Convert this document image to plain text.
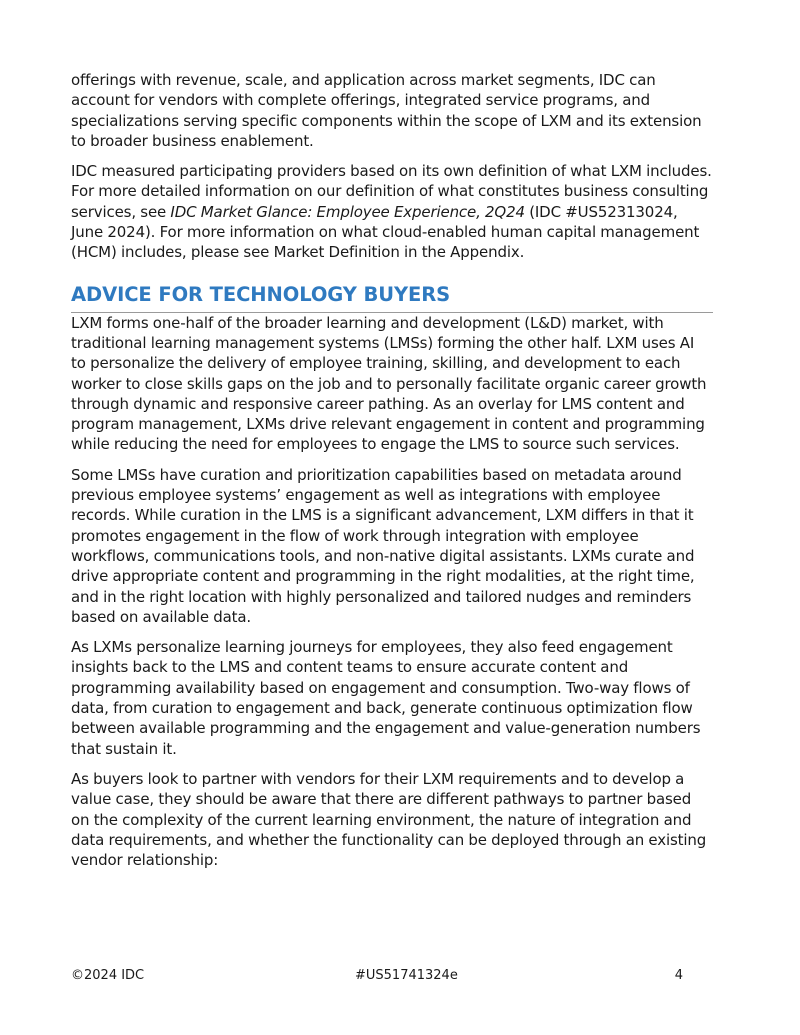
offerings with revenue, scale, and application across market segments, IDC can account for vendors with complete offerings, integrated service programs, and specializations serving specific components within the scope of LXM and its extension to broader business enablement.

IDC measured participating providers based on its own definition of what LXM includes. For more detailed information on our definition of what constitutes business consulting services, see IDC Market Glance: Employee Experience, 2Q24 (IDC #US52313024, June 2024). For more information on what cloud-enabled human capital management (HCM) includes, please see Market Definition in the Appendix.

ADVICE FOR TECHNOLOGY BUYERS

LXM forms one-half of the broader learning and development (L&D) market, with traditional learning management systems (LMSs) forming the other half. LXM uses AI to personalize the delivery of employee training, skilling, and development to each worker to close skills gaps on the job and to personally facilitate organic career growth through dynamic and responsive career pathing. As an overlay for LMS content and program management, LXMs drive relevant engagement in content and programming while reducing the need for employees to engage the LMS to source such services.

Some LMSs have curation and prioritization capabilities based on metadata around previous employee systems’ engagement as well as integrations with employee records. While curation in the LMS is a significant advancement, LXM differs in that it promotes engagement in the flow of work through integration with employee workflows, communications tools, and non-native digital assistants. LXMs curate and drive appropriate content and programming in the right modalities, at the right time, and in the right location with highly personalized and tailored nudges and reminders based on available data.

As LXMs personalize learning journeys for employees, they also feed engagement insights back to the LMS and content teams to ensure accurate content and programming availability based on engagement and consumption. Two-way flows of data, from curation to engagement and back, generate continuous optimization flow between available programming and the engagement and value-generation numbers that sustain it.

As buyers look to partner with vendors for their LXM requirements and to develop a value case, they should be aware that there are different pathways to partner based on the complexity of the current learning environment, the nature of integration and data requirements, and whether the functionality can be deployed through an existing vendor relationship:

©2024 IDC	#US51741324e	4
